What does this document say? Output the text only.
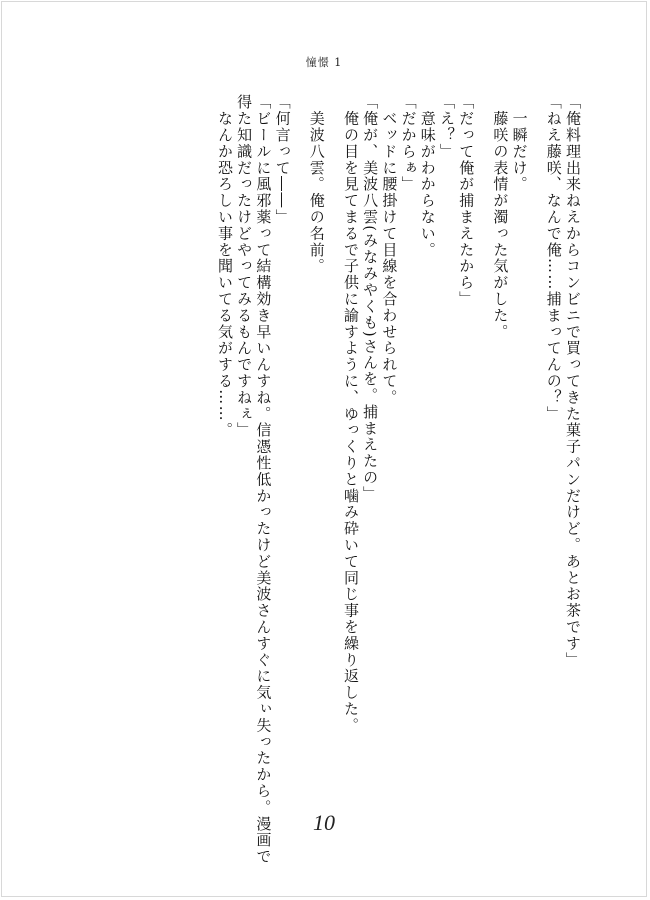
憧憬 1
「俺料理出来ねえからコンビニで買ってきた菓子パンだけど。あとお茶です」
「ねえ藤咲、なんで俺……捕まってんの？」
　一瞬だけ。
　藤咲の表情が濁った気がした。
「だって俺が捕まえたから」
「え？」
　意味がわからない。
「だからぁ」
　ベッドに腰掛けて目線を合わせられて。
「俺が、美波八雲(みなみやくも)さんを。捕まえたの」
　俺の目を見てまるで子供に諭すように、ゆっくりと噛み砕いて同じ事を繰り返した。
　美波八雲。俺の名前。
「何言って――」
「ビールに風邪薬って結構効き早いんすね。信憑性低かったけど美波さんすぐに気ぃ失ったから。漫画で
得た知識だったけどやってみるもんですねぇ」
　なんか恐ろしい事を聞いてる気がする……。
10
